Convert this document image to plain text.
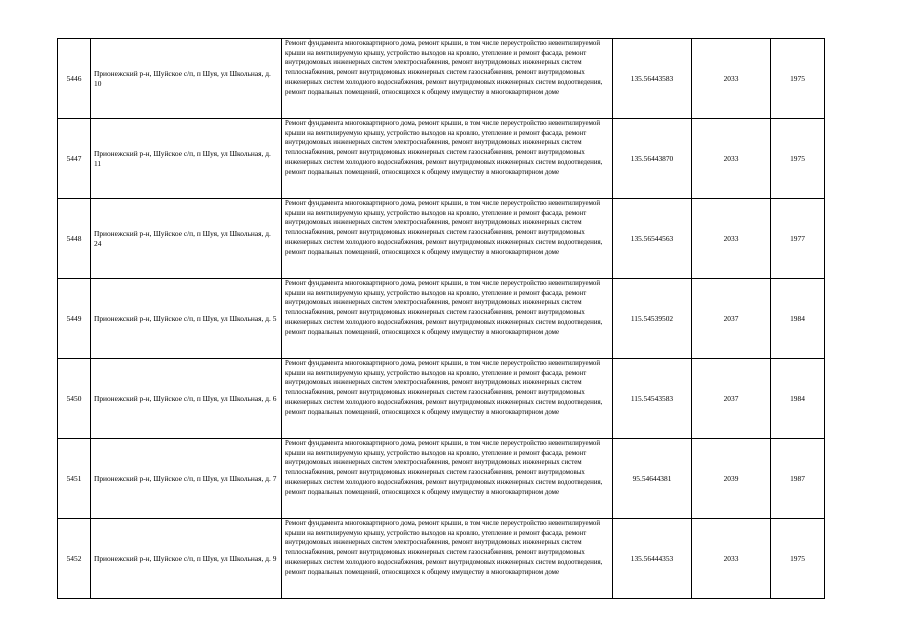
5446	Прионежский р-н, Шуйское с/п, п Шуя, ул Школьная, д. 10	Ремонт фундамента многоквартирного дома, ремонт крыши, в том числе переустройство невентилируемой крыши на вентилируемую крышу, устройство выходов на кровлю, утепление и ремонт фасада, ремонт внутридомовых инженерных систем электроснабжения, ремонт внутридомовых инженерных систем теплоснабжения, ремонт внутридомовых инженерных систем газоснабжения, ремонт внутридомовых инженерных систем холодного водоснабжения, ремонт внутридомовых инженерных систем водоотведения, ремонт подвальных помещений, относящихся к общему имуществу в многоквартирном доме	135.56443583	2033	1975
5447	Прионежский р-н, Шуйское с/п, п Шуя, ул Школьная, д. 11	Ремонт фундамента многоквартирного дома, ремонт крыши, в том числе переустройство невентилируемой крыши на вентилируемую крышу, устройство выходов на кровлю, утепление и ремонт фасада, ремонт внутридомовых инженерных систем электроснабжения, ремонт внутридомовых инженерных систем теплоснабжения, ремонт внутридомовых инженерных систем газоснабжения, ремонт внутридомовых инженерных систем холодного водоснабжения, ремонт внутридомовых инженерных систем водоотведения, ремонт подвальных помещений, относящихся к общему имуществу в многоквартирном доме	135.56443870	2033	1975
5448	Прионежский р-н, Шуйское с/п, п Шуя, ул Школьная, д. 24	Ремонт фундамента многоквартирного дома, ремонт крыши, в том числе переустройство невентилируемой крыши на вентилируемую крышу, устройство выходов на кровлю, утепление и ремонт фасада, ремонт внутридомовых инженерных систем электроснабжения, ремонт внутридомовых инженерных систем теплоснабжения, ремонт внутридомовых инженерных систем газоснабжения, ремонт внутридомовых инженерных систем холодного водоснабжения, ремонт внутридомовых инженерных систем водоотведения, ремонт подвальных помещений, относящихся к общему имуществу в многоквартирном доме	135.56544563	2033	1977
5449	Прионежский р-н, Шуйское с/п, п Шуя, ул Школьная, д. 5	Ремонт фундамента многоквартирного дома, ремонт крыши, в том числе переустройство невентилируемой крыши на вентилируемую крышу, устройство выходов на кровлю, утепление и ремонт фасада, ремонт внутридомовых инженерных систем электроснабжения, ремонт внутридомовых инженерных систем теплоснабжения, ремонт внутридомовых инженерных систем газоснабжения, ремонт внутридомовых инженерных систем холодного водоснабжения, ремонт внутридомовых инженерных систем водоотведения, ремонт подвальных помещений, относящихся к общему имуществу в многоквартирном доме	115.54539502	2037	1984
5450	Прионежский р-н, Шуйское с/п, п Шуя, ул Школьная, д. 6	Ремонт фундамента многоквартирного дома, ремонт крыши, в том числе переустройство невентилируемой крыши на вентилируемую крышу, устройство выходов на кровлю, утепление и ремонт фасада, ремонт внутридомовых инженерных систем электроснабжения, ремонт внутридомовых инженерных систем теплоснабжения, ремонт внутридомовых инженерных систем газоснабжения, ремонт внутридомовых инженерных систем холодного водоснабжения, ремонт внутридомовых инженерных систем водоотведения, ремонт подвальных помещений, относящихся к общему имуществу в многоквартирном доме	115.54543583	2037	1984
5451	Прионежский р-н, Шуйское с/п, п Шуя, ул Школьная, д. 7	Ремонт фундамента многоквартирного дома, ремонт крыши, в том числе переустройство невентилируемой крыши на вентилируемую крышу, устройство выходов на кровлю, утепление и ремонт фасада, ремонт внутридомовых инженерных систем электроснабжения, ремонт внутридомовых инженерных систем теплоснабжения, ремонт внутридомовых инженерных систем газоснабжения, ремонт внутридомовых инженерных систем холодного водоснабжения, ремонт внутридомовых инженерных систем водоотведения, ремонт подвальных помещений, относящихся к общему имуществу в многоквартирном доме	95.54644381	2039	1987
5452	Прионежский р-н, Шуйское с/п, п Шуя, ул Школьная, д. 9	Ремонт фундамента многоквартирного дома, ремонт крыши, в том числе переустройство невентилируемой крыши на вентилируемую крышу, устройство выходов на кровлю, утепление и ремонт фасада, ремонт внутридомовых инженерных систем электроснабжения, ремонт внутридомовых инженерных систем теплоснабжения, ремонт внутридомовых инженерных систем газоснабжения, ремонт внутридомовых инженерных систем холодного водоснабжения, ремонт внутридомовых инженерных систем водоотведения, ремонт подвальных помещений, относящихся к общему имуществу в многоквартирном доме	135.56444353	2033	1975
